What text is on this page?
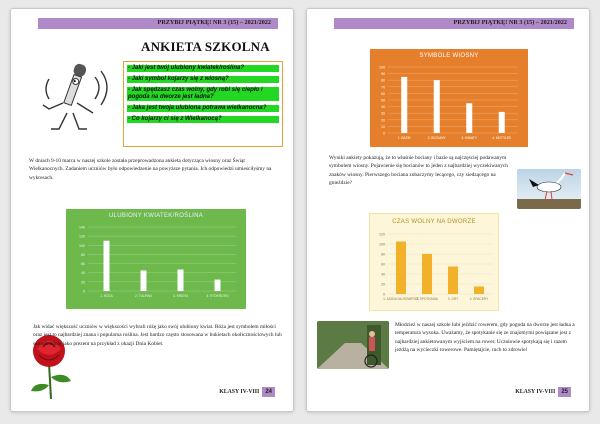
PRZYBIJ PIĄTKĘ! NR 3 (15) – 2021/2022
ANKIETA SZKOLNA
- Jaki jest twój ulubiony kwiatek/roślina?
- Jaki symbol kojarzy się z wiosną?
- Jak spędzasz czas wolny, gdy robi się ciepło i pogoda na dworze jest ładna?
- Jaka jest twoja ulubiona potrawa wielkanocna?
- Co kojarzy ci się z Wielkanocą?
W dniach 9-10 marca w naszej szkole została przeprowadzona ankieta dotycząca wiosny oraz Świąt Wielkanocnych. Zadaniem uczniów było odpowiedzenie na powyższe pytania. Ich odpowiedzi umieściłyśmy na wykresach.
ULUBIONY KWIATEK/ROŚLINA
0
20
40
60
80
100
120
140
1. RÓŻA	2. TULIPAN	3. KRATKI	4. STOKROTKI
Jak widać większość uczniów w większości wybrali różę jako swój ulubiony kwiat. Róża jest symbolem miłości oraz jest to najbardziej znana i popularna roślina. Jest bardzo często stosowana w bukietach okolicznościowych lub samodzielnie jako prezent na przykład z okazji Dnia Kobiet.
KLASY IV-VIII	24
PRZYBIJ PIĄTKĘ! NR 3 (15) – 2021/2022
SYMBOLE WIOSNY
0
10
20
30
40
50
60
70
80
90
100
1. BAZIE	2. BOCIANY	3. KWIATY	4. MOTYLEK
Wyniki ankiety pokazują, że to właśnie bociany i bazie są najczęściej podawanym symbolem wiosny. Pojawienie się bocianów to jeden z najbardziej wyczekiwanych znaków wiosny. Pierwszego bociana zobaczymy lecącego, czy siedzącego na gnieździe?
CZAS WOLNY NA DWORZE
0
20
40
60
80
100
120
1. JAZDA NA ROWERZE
2. SPOTKANIA	3. GRY	4. SPACERY
Młodzież w naszej szkole lubi jeździć rowerem, gdy pogoda na dworze jest ładna a temperatura wysoka. Uważamy, że spotykanie się ze znajomymi powiązane jest z najbardziej ankietowanym wyjściem na rower. Uczniowie spotykają się i razem jeżdżą na wycieczki rowerowe. Pamiętajcie, ruch to zdrowie!
KLASY IV-VIII	25
